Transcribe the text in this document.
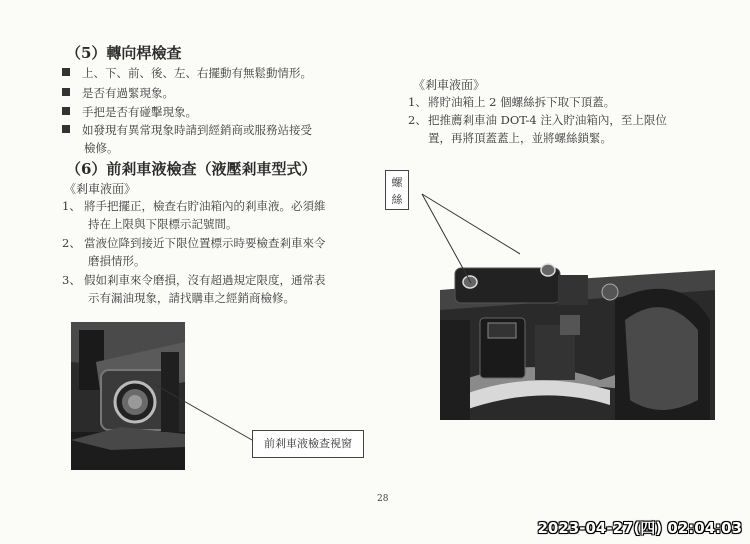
（5）轉向桿檢查
上、下、前、後、左、右擺動有無鬆動情形。
是否有過緊現象。
手把是否有碰擊現象。
如發現有異常現象時請到經銷商或服務站接受
檢修。
（6）前剎車液檢查（液壓剎車型式）
《剎車液面》
1、 將手把擺正，檢查右貯油箱內的剎車液。必須維
持在上限與下限標示記號間。
2、 當液位降到接近下限位置標示時要檢查剎車來令
磨損情形。
3、 假如剎車來令磨損，沒有超過規定限度，通常表
示有漏油現象，請找購車之經銷商檢修。
前剎車液檢查視窗
《剎車液面》
1、 將貯油箱上 2 個螺絲拆下取下頂蓋。
2、 把推薦剎車油 DOT-4 注入貯油箱內，至上限位
置，再將頂蓋蓋上，並將螺絲鎖緊。
螺
絲
28
2023-04-27(四) 02:04:03
